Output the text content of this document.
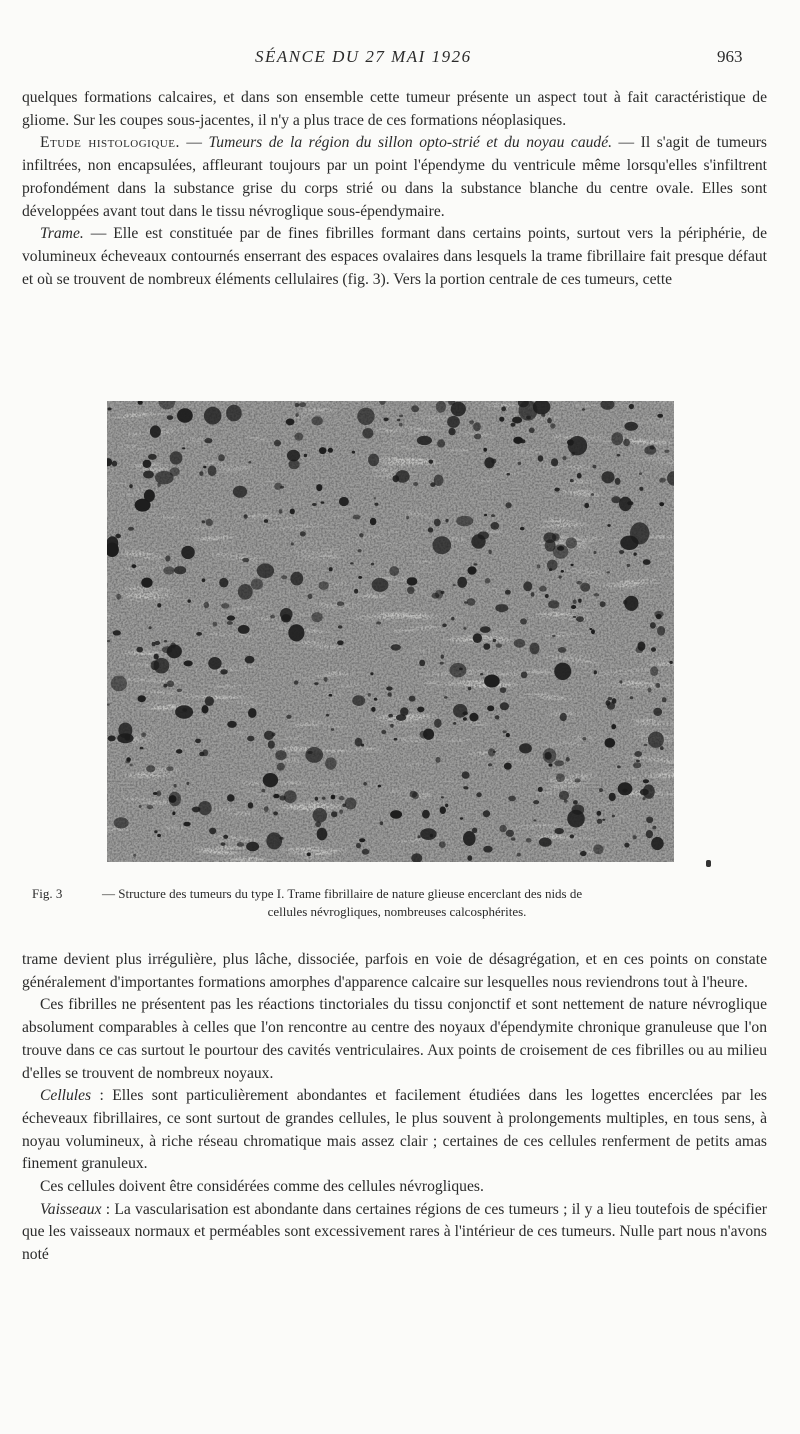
SÉANCE DU 27 MAI 1926	963

quelques formations calcaires, et dans son ensemble cette tumeur présente un aspect tout à fait caractéristique de gliome. Sur les coupes sous-jacentes, il n'y a plus trace de ces formations néoplasiques.

Etude histologique. — Tumeurs de la région du sillon opto-strié et du noyau caudé. — Il s'agit de tumeurs infiltrées, non encapsulées, affleurant toujours par un point l'épendyme du ventricule même lorsqu'elles s'infiltrent profondément dans la substance grise du corps strié ou dans la substance blanche du centre ovale. Elles sont développées avant tout dans le tissu névroglique sous-épendymaire.

Trame. — Elle est constituée par de fines fibrilles formant dans certains points, surtout vers la périphérie, de volumineux écheveaux contournés enserrant des espaces ovalaires dans lesquels la trame fibrillaire fait presque défaut et où se trouvent de nombreux éléments cellulaires (fig. 3). Vers la portion centrale de ces tumeurs, cette

Fig. 3	— Structure des tumeurs du type I. Trame fibrillaire de nature glieuse encerclant des nids de
cellules névrogliques, nombreuses calcosphérites.

trame devient plus irrégulière, plus lâche, dissociée, parfois en voie de désagrégation, et en ces points on constate généralement d'importantes formations amorphes d'apparence calcaire sur lesquelles nous reviendrons tout à l'heure.

Ces fibrilles ne présentent pas les réactions tinctoriales du tissu conjonctif et sont nettement de nature névroglique absolument comparables à celles que l'on rencontre au centre des noyaux d'épendymite chronique granuleuse que l'on trouve dans ce cas surtout le pourtour des cavités ventriculaires. Aux points de croisement de ces fibrilles ou au milieu d'elles se trouvent de nombreux noyaux.

Cellules : Elles sont particulièrement abondantes et facilement étudiées dans les logettes encerclées par les écheveaux fibrillaires, ce sont surtout de grandes cellules, le plus souvent à prolongements multiples, en tous sens, à noyau volumineux, à riche réseau chromatique mais assez clair ; certaines de ces cellules renferment de petits amas finement granuleux.

Ces cellules doivent être considérées comme des cellules névrogliques.

Vaisseaux : La vascularisation est abondante dans certaines régions de ces tumeurs ; il y a lieu toutefois de spécifier que les vaisseaux normaux et perméables sont excessivement rares à l'intérieur de ces tumeurs. Nulle part nous n'avons noté
